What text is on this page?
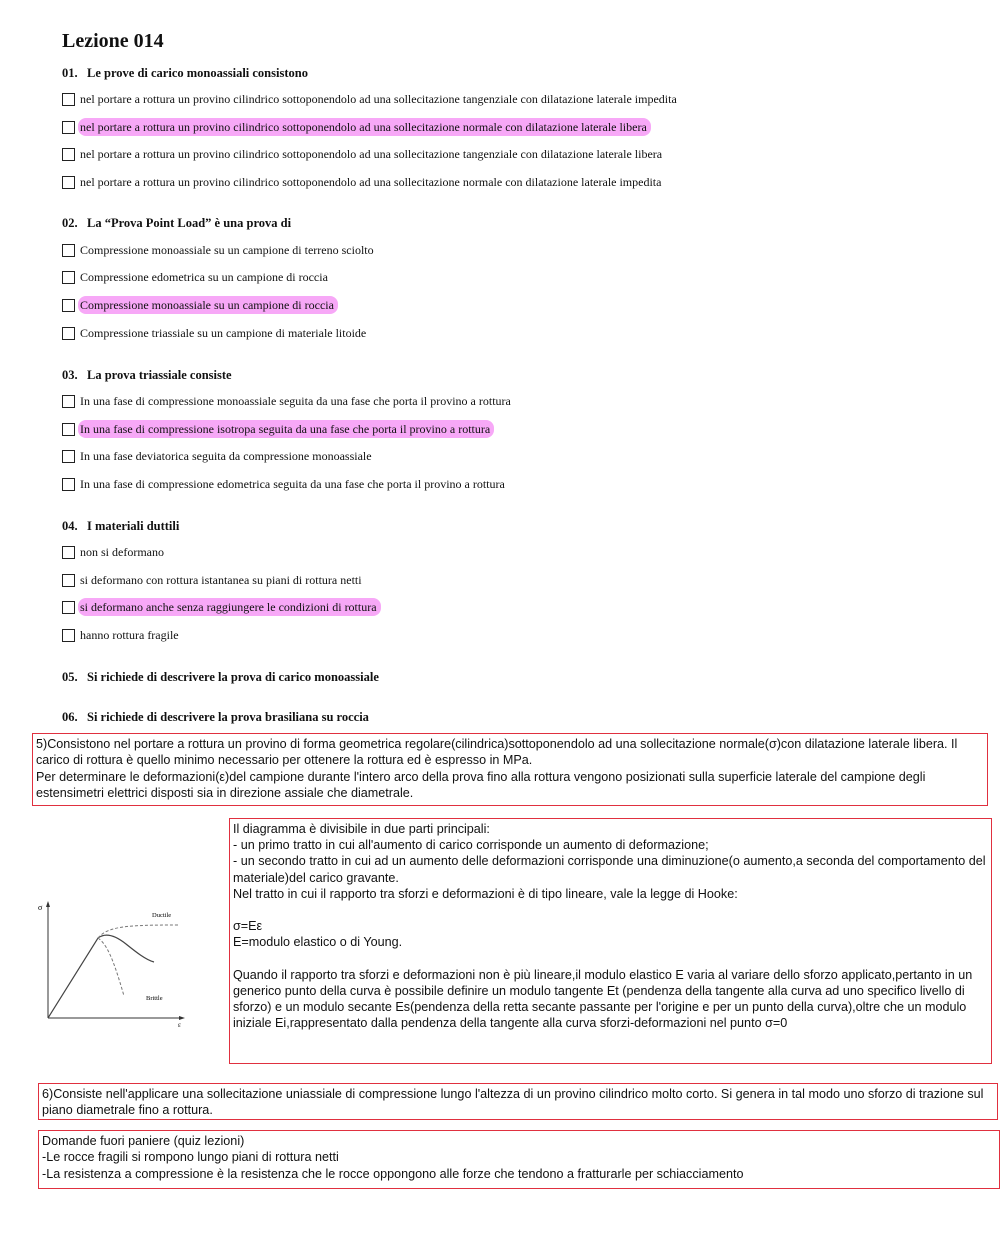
Lezione 014
01. Le prove di carico monoassiali consistono
nel portare a rottura un provino cilindrico sottoponendolo ad una sollecitazione tangenziale con dilatazione laterale impedita
nel portare a rottura un provino cilindrico sottoponendolo ad una sollecitazione normale con dilatazione laterale libera
nel portare a rottura un provino cilindrico sottoponendolo ad una sollecitazione tangenziale con dilatazione laterale libera
nel portare a rottura un provino cilindrico sottoponendolo ad una sollecitazione normale con dilatazione laterale impedita
02. La “Prova Point Load” è una prova di
Compressione monoassiale su un campione di terreno sciolto
Compressione edometrica su un campione di roccia
Compressione monoassiale su un campione di roccia
Compressione triassiale su un campione di materiale litoide
03. La prova triassiale consiste
In una fase di compressione monoassiale seguita da una fase che porta il provino a rottura
In una fase di compressione isotropa seguita da una fase che porta il provino a rottura
In una fase deviatorica seguita da compressione monoassiale
In una fase di compressione edometrica seguita da una fase che porta il provino a rottura
04. I materiali duttili
non si deformano
si deformano con rottura istantanea su piani di rottura netti
si deformano anche senza raggiungere le condizioni di rottura
hanno rottura fragile
05. Si richiede di descrivere la prova di carico monoassiale
06. Si richiede di descrivere la prova brasiliana su roccia

5)Consistono nel portare a rottura un provino di forma geometrica regolare(cilindrica)sottoponendolo ad una sollecitazione normale(σ)con dilatazione laterale libera. Il carico di rottura è quello minimo necessario per ottenere la rottura ed è espresso in MPa.

Per determinare le deformazioni(ε)del campione durante l'intero arco della prova fino alla rottura vengono posizionati sulla superficie laterale del campione degli estensimetri elettrici disposti sia in direzione assiale che diametrale.

σ
ε
Ductile
Brittle

Il diagramma è divisibile in due parti principali:

- un primo tratto in cui all'aumento di carico corrisponde un aumento di deformazione;

- un secondo tratto in cui ad un aumento delle deformazioni corrisponde una diminuzione(o aumento,a seconda del comportamento del materiale)del carico gravante.

Nel tratto in cui il rapporto tra sforzi e deformazioni è di tipo lineare, vale la legge di Hooke:

σ=Eε

E=modulo elastico o di Young.

Quando il rapporto tra sforzi e deformazioni non è più lineare,il modulo elastico E varia al variare dello sforzo applicato,pertanto in un generico punto della curva è possibile definire un modulo tangente Et (pendenza della tangente alla curva ad uno specifico livello di sforzo) e un modulo secante Es(pendenza della retta secante passante per l'origine e per un punto della curva),oltre che un modulo iniziale Ei,rappresentato dalla pendenza della tangente alla curva sforzi-deformazioni nel punto σ=0

6)Consiste nell'applicare una sollecitazione uniassiale di compressione lungo l'altezza di un provino cilindrico molto corto. Si genera in tal modo uno sforzo di trazione sul piano diametrale fino a rottura.

Domande fuori paniere (quiz lezioni)

-Le rocce fragili si rompono lungo piani di rottura netti

-La resistenza a compressione è la resistenza che le rocce oppongono alle forze che tendono a fratturarle per schiacciamento
